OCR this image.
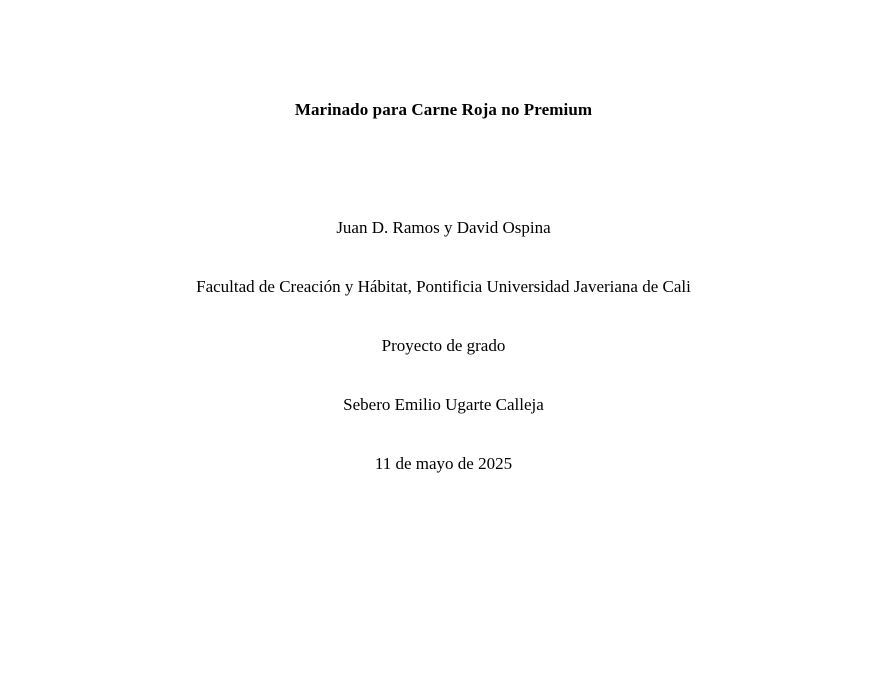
Marinado para Carne Roja no Premium
Juan D. Ramos y David Ospina
Facultad de Creación y Hábitat, Pontificia Universidad Javeriana de Cali
Proyecto de grado
Sebero Emilio Ugarte Calleja
11 de mayo de 2025
